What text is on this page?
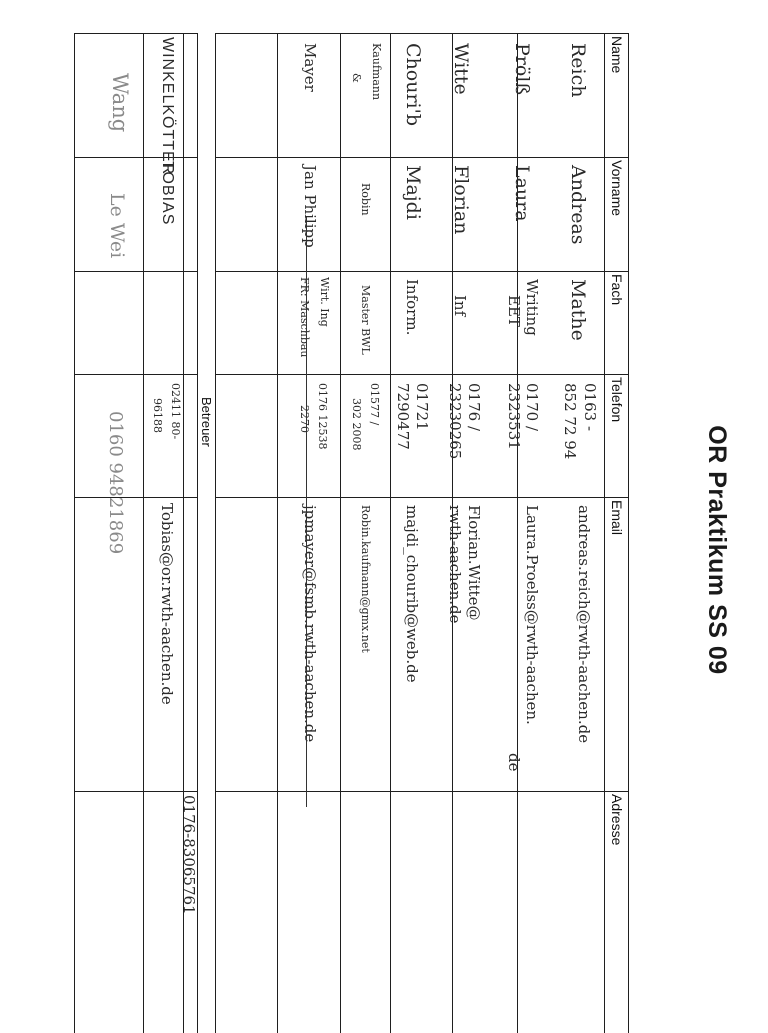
OR Praktikum SS 09
Name
Vorname
Fach
Telefon
Email
Adresse
Reich
Andreas
Mathe
0163 -
852 72 94
andreas.reich@rwth-aachen.de
Prölß
Laura
Writing
EET
0170 /
2323531
Laura.Proelss@rwth-aachen.
de
Witte
Florian
Inf
0176 /
23230265
Florian.Witte@
rwth-aachen.de
Chouri'b
Majdi
Inform.
01721
7290477
majdi_chourib@web.de
Kaufmann
&
Robin
Master BWL
01577 /
302 2008
Robin.kaufmann@gmx.net
Mayer
Jan Philipp
Wirt. Ing
FR: Maschbau
0176 12538
2270
jpmayer@fsmb.rwth-aachen.de
Betreuer
WINKELKÖTTER
TOBIAS
02411 80-
96188
Tobias@or.rwth-aachen.de
0176-83065761
Wang
Le Wei
0160 94821869
